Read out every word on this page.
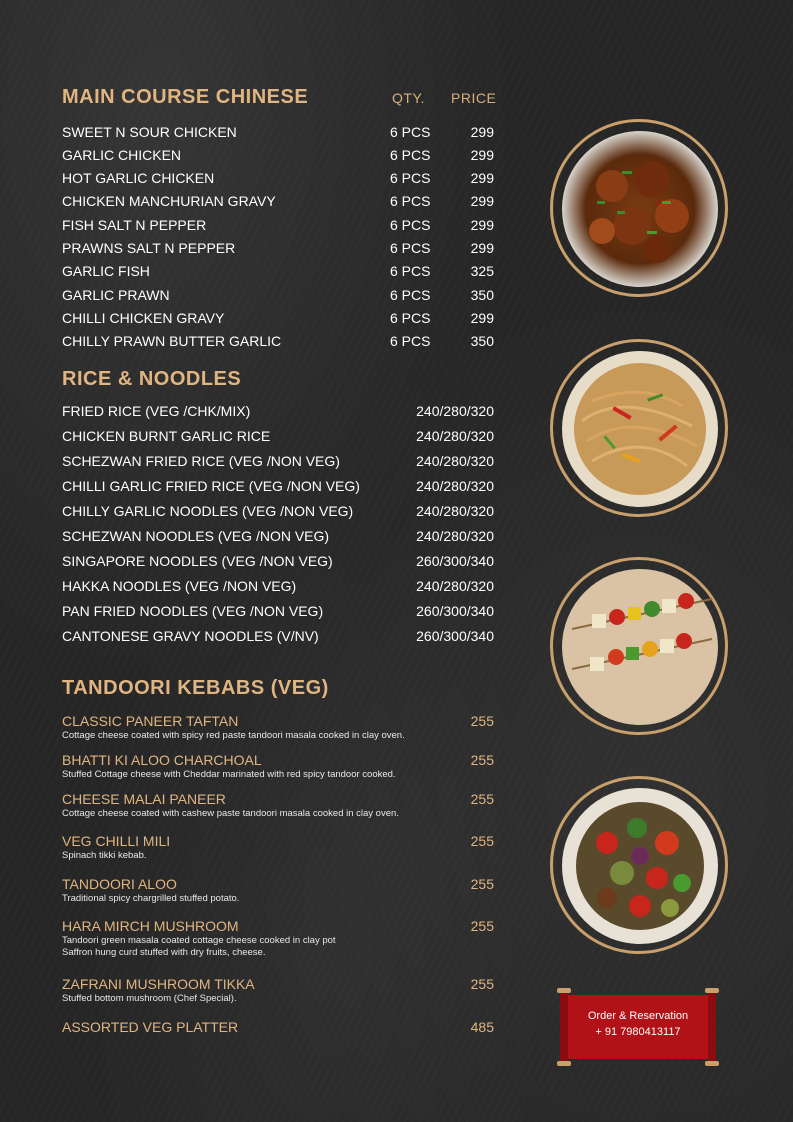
MAIN COURSE CHINESE	QTY. PRICE
SWEET N SOUR CHICKEN	6 PCS	299
GARLIC CHICKEN	6 PCS	299
HOT GARLIC CHICKEN	6 PCS	299
CHICKEN MANCHURIAN GRAVY	6 PCS	299
FISH SALT N PEPPER	6 PCS	299
PRAWNS SALT N PEPPER	6 PCS	299
GARLIC FISH	6 PCS	325
GARLIC PRAWN	6 PCS	350
CHILLI CHICKEN GRAVY	6 PCS	299
CHILLY PRAWN BUTTER GARLIC	6 PCS	350
RICE & NOODLES
FRIED RICE (VEG /CHK/MIX)	240/280/320
CHICKEN BURNT GARLIC RICE	240/280/320
SCHEZWAN FRIED RICE (VEG /NON VEG)	240/280/320
CHILLI GARLIC FRIED RICE (VEG /NON VEG)	240/280/320
CHILLY GARLIC NOODLES (VEG /NON VEG)	240/280/320
SCHEZWAN NOODLES (VEG /NON VEG)	240/280/320
SINGAPORE NOODLES (VEG /NON VEG)	260/300/340
HAKKA NOODLES (VEG /NON VEG)	240/280/320
PAN FRIED NOODLES (VEG /NON VEG)	260/300/340
CANTONESE GRAVY NOODLES (V/NV)	260/300/340
TANDOORI KEBABS (VEG)
CLASSIC PANEER TAFTAN	255
Cottage cheese coated with spicy red paste tandoori masala cooked in clay oven.
BHATTI KI ALOO CHARCHOAL	255
Stuffed Cottage cheese with Cheddar marinated with red spicy tandoor cooked.
CHEESE MALAI PANEER	255
Cottage cheese coated with cashew paste tandoori masala cooked in clay oven.
VEG CHILLI MILI	255
Spinach tikki kebab.
TANDOORI ALOO	255
Traditional spicy chargrilled stuffed potato.
HARA MIRCH MUSHROOM	255
Tandoori green masala coated cottage cheese cooked in clay pot
Saffron hung curd stuffed with dry fruits, cheese.
ZAFRANI MUSHROOM TIKKA	255
Stuffed bottom mushroom (Chef Special).
ASSORTED VEG PLATTER	485
Order & Reservation
+ 91 7980413117
